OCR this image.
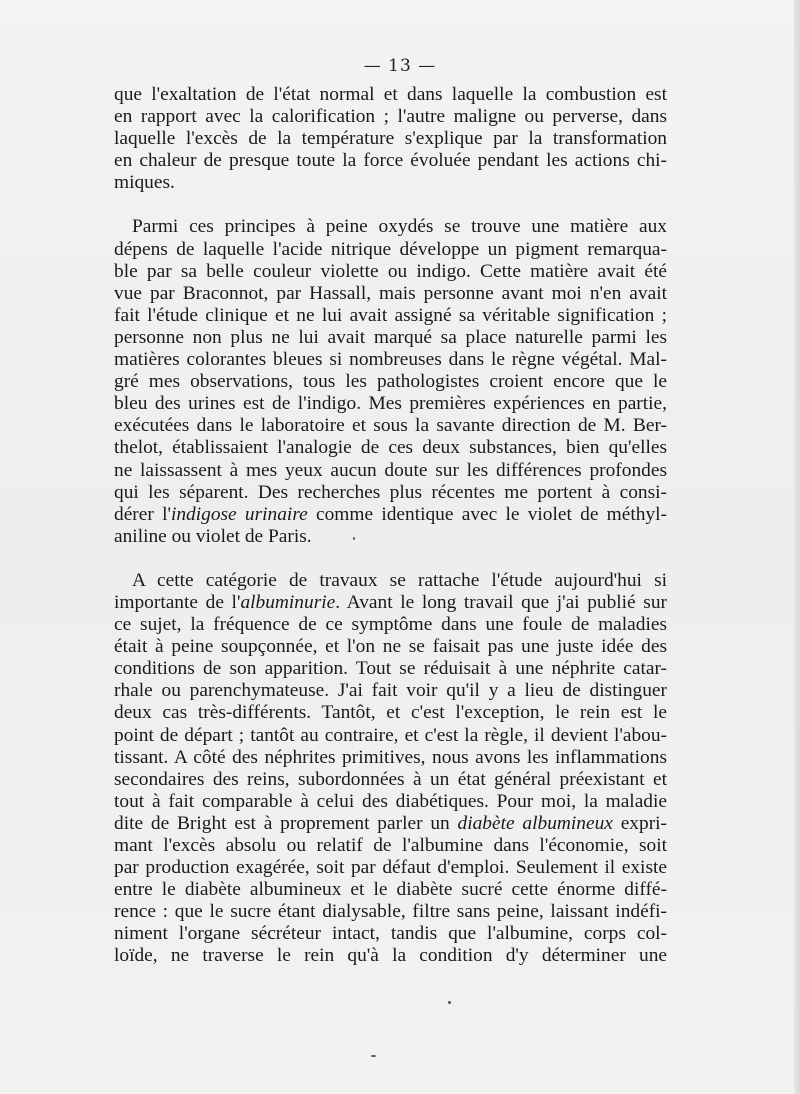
— 13 —
que l'exaltation de l'état normal et dans laquelle la combustion est
en rapport avec la calorification ; l'autre maligne ou perverse, dans
laquelle l'excès de la température s'explique par la transformation
en chaleur de presque toute la force évoluée pendant les actions chi-
miques.
Parmi ces principes à peine oxydés se trouve une matière aux
dépens de laquelle l'acide nitrique développe un pigment remarqua-
ble par sa belle couleur violette ou indigo. Cette matière avait été
vue par Braconnot, par Hassall, mais personne avant moi n'en avait
fait l'étude clinique et ne lui avait assigné sa véritable signification ;
personne non plus ne lui avait marqué sa place naturelle parmi les
matières colorantes bleues si nombreuses dans le règne végétal. Mal-
gré mes observations, tous les pathologistes croient encore que le
bleu des urines est de l'indigo. Mes premières expériences en partie,
exécutées dans le laboratoire et sous la savante direction de M. Ber-
thelot, établissaient l'analogie de ces deux substances, bien qu'elles
ne laissassent à mes yeux aucun doute sur les différences profondes
qui les séparent. Des recherches plus récentes me portent à consi-
dérer l'indigose urinaire comme identique avec le violet de méthyl-
aniline ou violet de Paris.
A cette catégorie de travaux se rattache l'étude aujourd'hui si
importante de l'albuminurie. Avant le long travail que j'ai publié sur
ce sujet, la fréquence de ce symptôme dans une foule de maladies
était à peine soupçonnée, et l'on ne se faisait pas une juste idée des
conditions de son apparition. Tout se réduisait à une néphrite catar-
rhale ou parenchymateuse. J'ai fait voir qu'il y a lieu de distinguer
deux cas très-différents. Tantôt, et c'est l'exception, le rein est le
point de départ ; tantôt au contraire, et c'est la règle, il devient l'abou-
tissant. A côté des néphrites primitives, nous avons les inflammations
secondaires des reins, subordonnées à un état général préexistant et
tout à fait comparable à celui des diabétiques. Pour moi, la maladie
dite de Bright est à proprement parler un diabète albumineux expri-
mant l'excès absolu ou relatif de l'albumine dans l'économie, soit
par production exagérée, soit par défaut d'emploi. Seulement il existe
entre le diabète albumineux et le diabète sucré cette énorme diffé-
rence : que le sucre étant dialysable, filtre sans peine, laissant indéfi-
niment l'organe sécréteur intact, tandis que l'albumine, corps col-
loïde, ne traverse le rein qu'à la condition d'y déterminer une
